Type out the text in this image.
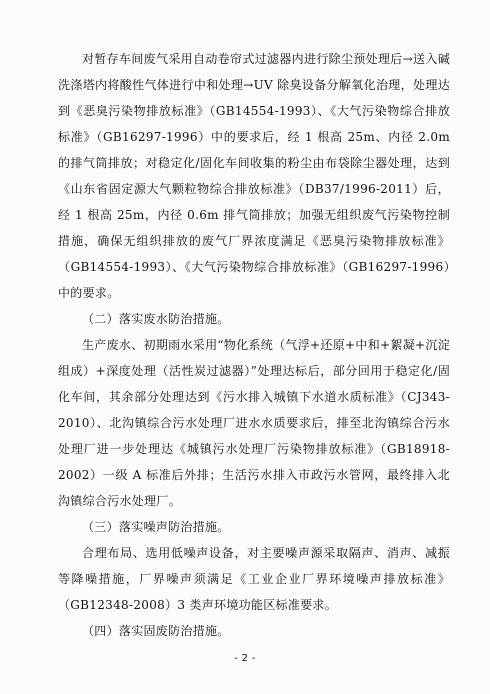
对暂存车间废气采用自动卷帘式过滤器内进行除尘预处理后→送入碱洗涤塔内将酸性气体进行中和处理→UV 除臭设备分解氧化治理，处理达到《恶臭污染物排放标准》（GB14554-1993）、《大气污染物综合排放标准》（GB16297-1996）中的要求后，经 1 根高 25m、内径 2.0m 的排气筒排放；对稳定化/固化车间收集的粉尘由布袋除尘器处理，达到《山东省固定源大气颗粒物综合排放标准》（DB37/1996-2011）后，经 1 根高 25m，内径 0.6m 排气筒排放；加强无组织废气污染物控制措施，确保无组织排放的废气厂界浓度满足《恶臭污染物排放标准》（GB14554-1993）、《大气污染物综合排放标准》（GB16297-1996）中的要求。

（二）落实废水防治措施。

生产废水、初期雨水采用“物化系统（气浮+还原+中和+絮凝+沉淀组成）+深度处理（活性炭过滤器）”处理达标后，部分回用于稳定化/固化车间，其余部分处理达到《污水排入城镇下水道水质标准》（CJ343-2010）、北沟镇综合污水处理厂进水水质要求后，排至北沟镇综合污水处理厂进一步处理达《城镇污水处理厂污染物排放标准》（GB18918-2002）一级 A 标准后外排；生活污水排入市政污水管网，最终排入北沟镇综合污水处理厂。

（三）落实噪声防治措施。

合理布局、选用低噪声设备，对主要噪声源采取隔声、消声、减振等降噪措施，厂界噪声须满足《工业企业厂界环境噪声排放标准》（GB12348-2008）3 类声环境功能区标准要求。

（四）落实固废防治措施。

- 2 -
